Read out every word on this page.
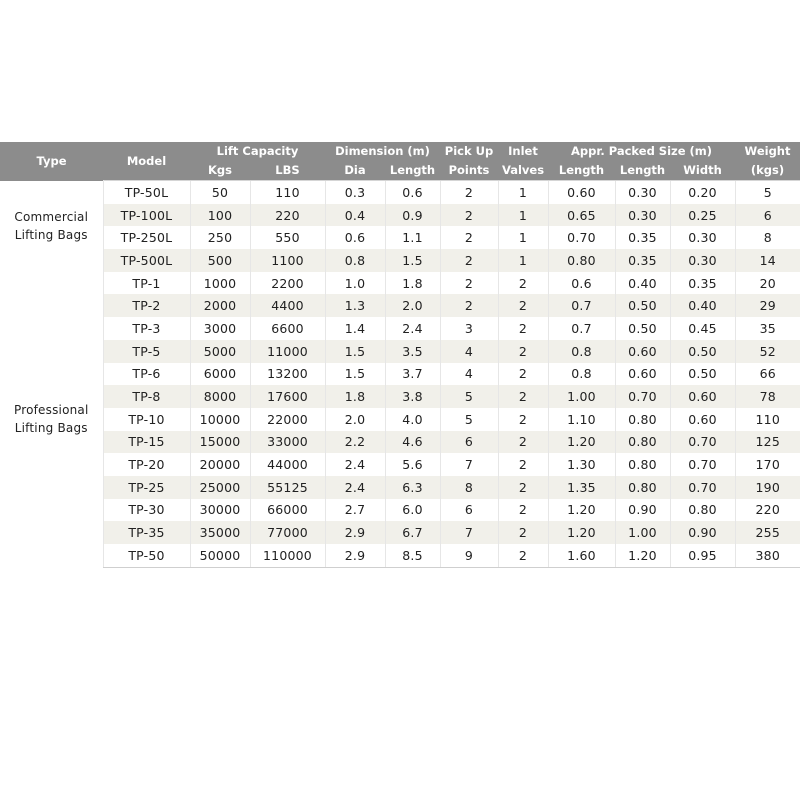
Type	Model	Lift Capacity		Dimension (m)		Pick Up	Inlet	Appr. Packed Size (m)			Weight
		Kgs	LBS	Dia	Length	Points	Valves	Length	Length	Width	(kgs)
Commercial Lifting Bags	TP-50L	50	110	0.3	0.6	2	1	0.60	0.30	0.20	5
	TP-100L	100	220	0.4	0.9	2	1	0.65	0.30	0.25	6
	TP-250L	250	550	0.6	1.1	2	1	0.70	0.35	0.30	8
	TP-500L	500	1100	0.8	1.5	2	1	0.80	0.35	0.30	14
Professional Lifting Bags	TP-1	1000	2200	1.0	1.8	2	2	0.6	0.40	0.35	20
	TP-2	2000	4400	1.3	2.0	2	2	0.7	0.50	0.40	29
	TP-3	3000	6600	1.4	2.4	3	2	0.7	0.50	0.45	35
	TP-5	5000	11000	1.5	3.5	4	2	0.8	0.60	0.50	52
	TP-6	6000	13200	1.5	3.7	4	2	0.8	0.60	0.50	66
	TP-8	8000	17600	1.8	3.8	5	2	1.00	0.70	0.60	78
	TP-10	10000	22000	2.0	4.0	5	2	1.10	0.80	0.60	110
	TP-15	15000	33000	2.2	4.6	6	2	1.20	0.80	0.70	125
	TP-20	20000	44000	2.4	5.6	7	2	1.30	0.80	0.70	170
	TP-25	25000	55125	2.4	6.3	8	2	1.35	0.80	0.70	190
	TP-30	30000	66000	2.7	6.0	6	2	1.20	0.90	0.80	220
	TP-35	35000	77000	2.9	6.7	7	2	1.20	1.00	0.90	255
	TP-50	50000	110000	2.9	8.5	9	2	1.60	1.20	0.95	380
